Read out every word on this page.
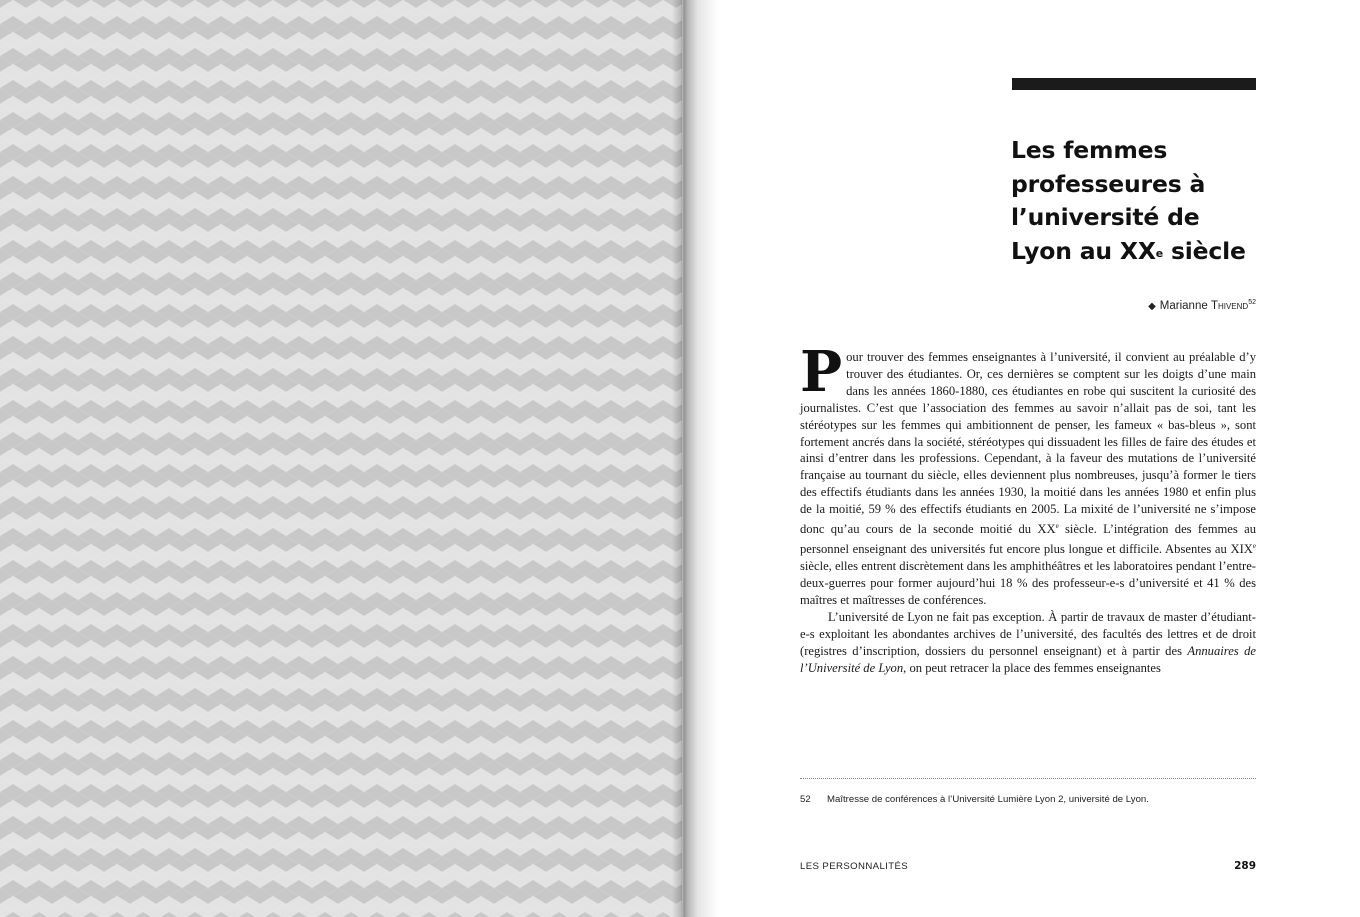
Les femmes
professeures à
l’université de
Lyon au XXe siècle
◆ Marianne Thivend$^{52}$

Pour trouver des femmes enseignantes à l’université, il convient au préalable d’y trouver des étudiantes. Or, ces dernières se comptent sur les doigts d’une main dans les années 1860-1880, ces étudiantes en robe qui suscitent la curiosité des journalistes. C’est que l’association des femmes au savoir n’allait pas de soi, tant les stéréotypes sur les femmes qui ambitionnent de penser, les fameux « bas-bleus », sont fortement ancrés dans la société, stéréotypes qui dissuadent les filles de faire des études et ainsi d’entrer dans les professions. Cependant, à la faveur des mutations de l’université française au tournant du siècle, elles deviennent plus nombreuses, jusqu’à former le tiers des effectifs étudiants dans les années 1930, la moitié dans les années 1980 et enfin plus de la moitié, 59 % des effectifs étudiants en 2005. La mixité de l’université ne s’impose donc qu’au cours de la seconde moitié du XXe siècle. L’intégration des femmes au personnel enseignant des universités fut encore plus longue et difficile. Absentes au XIXe siècle, elles entrent discrètement dans les amphithéâtres et les laboratoires pendant l’entre-deux-guerres pour former aujourd’hui 18 % des professeur-e-s d’université et 41 % des maîtres et maîtresses de conférences.

L’université de Lyon ne fait pas exception. À partir de travaux de master d’étudiant-e-s exploitant les abondantes archives de l’université, des facultés des lettres et de droit (registres d’inscription, dossiers du personnel enseignant) et à partir des Annuaires de l’Université de Lyon, on peut retracer la place des femmes enseignantes

52 Maîtresse de conférences à l’Université Lumière Lyon 2, université de Lyon.
LES PERSONNALITÉS	289
